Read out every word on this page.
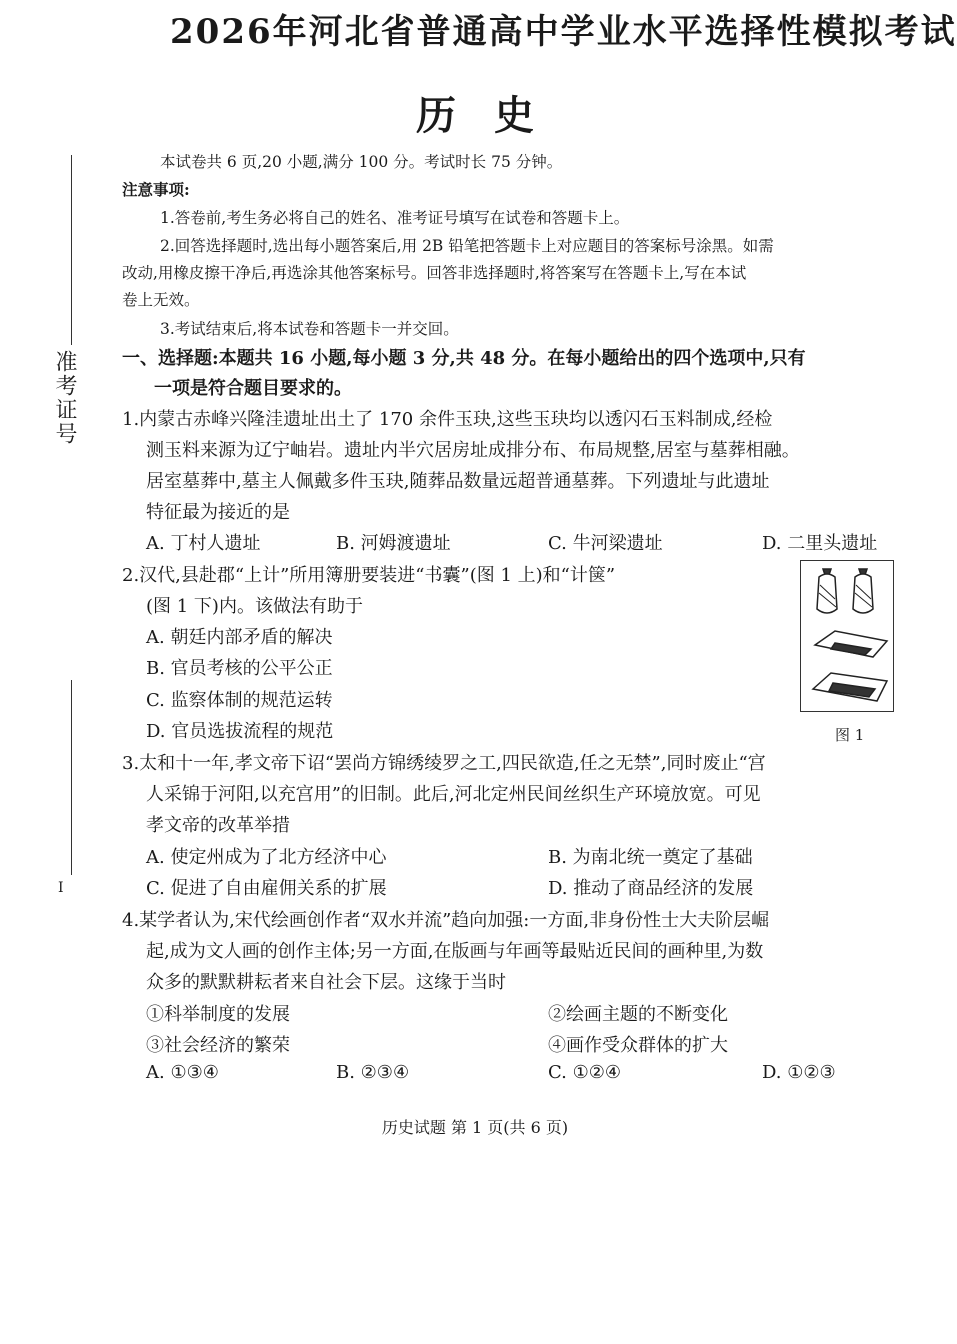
2026年河北省普通高中学业水平选择性模拟考试
历史
准考证号
I
本试卷共 6 页,20 小题,满分 100 分。考试时长 75 分钟。
注意事项:
1.答卷前,考生务必将自己的姓名、准考证号填写在试卷和答题卡上。
2.回答选择题时,选出每小题答案后,用 2B 铅笔把答题卡上对应题目的答案标号涂黑。如需
改动,用橡皮擦干净后,再选涂其他答案标号。回答非选择题时,将答案写在答题卡上,写在本试
卷上无效。
3.考试结束后,将本试卷和答题卡一并交回。
一、选择题:本题共 16 小题,每小题 3 分,共 48 分。在每小题给出的四个选项中,只有
一项是符合题目要求的。
1.内蒙古赤峰兴隆洼遗址出土了 170 余件玉玦,这些玉玦均以透闪石玉料制成,经检
测玉料来源为辽宁岫岩。遗址内半穴居房址成排分布、布局规整,居室与墓葬相融。
居室墓葬中,墓主人佩戴多件玉玦,随葬品数量远超普通墓葬。下列遗址与此遗址
特征最为接近的是
A. 丁村人遗址	B. 河姆渡遗址	C. 牛河梁遗址	D. 二里头遗址
2.汉代,县赴郡“上计”所用簿册要装进“书囊”(图 1 上)和“计箧”
(图 1 下)内。该做法有助于
A. 朝廷内部矛盾的解决
B. 官员考核的公平公正
C. 监察体制的规范运转
D. 官员选拔流程的规范	图 1
3.太和十一年,孝文帝下诏“罢尚方锦绣绫罗之工,四民欲造,任之无禁”,同时废止“宫
人采锦于河阳,以充宫用”的旧制。此后,河北定州民间丝织生产环境放宽。可见
孝文帝的改革举措
A. 使定州成为了北方经济中心	B. 为南北统一奠定了基础
C. 促进了自由雇佣关系的扩展	D. 推动了商品经济的发展
4.某学者认为,宋代绘画创作者“双水并流”趋向加强:一方面,非身份性士大夫阶层崛
起,成为文人画的创作主体;另一方面,在版画与年画等最贴近民间的画种里,为数
众多的默默耕耘者来自社会下层。这缘于当时
①科举制度的发展	②绘画主题的不断变化
③社会经济的繁荣	④画作受众群体的扩大
A. ①③④	B. ②③④	C. ①②④	D. ①②③
历史试题 第 1 页(共 6 页)
